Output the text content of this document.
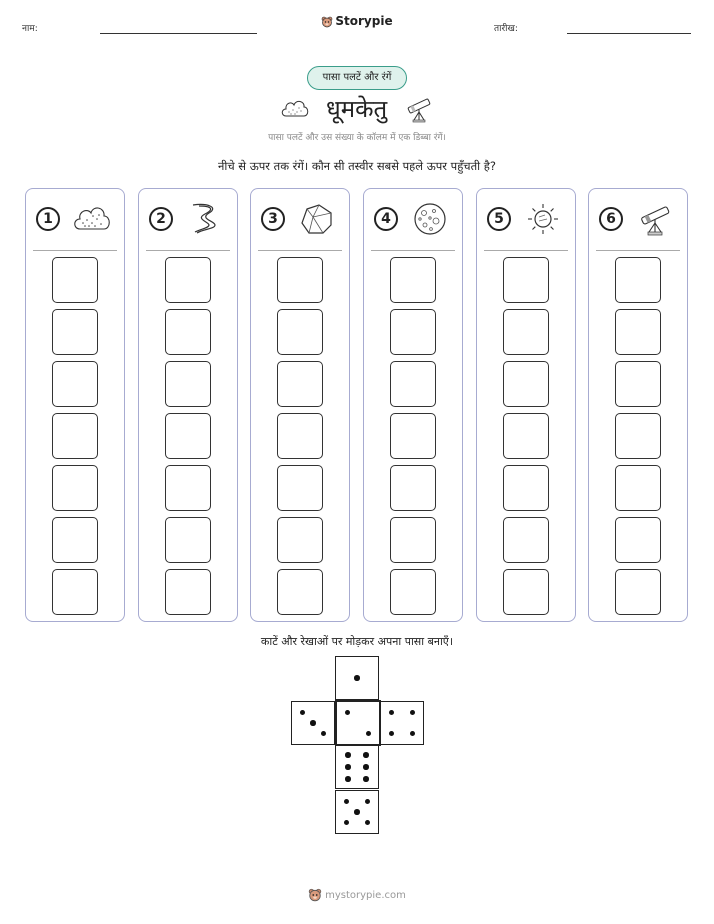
नाम:
Storypie
तारीख:
पासा पलटें और रंगें
धूमकेतु
पासा पलटें और उस संख्या के कॉलम में एक डिब्बा रंगें।
नीचे से ऊपर तक रंगें। कौन सी तस्वीर सबसे पहले ऊपर पहुँचती है?
1	2	3	4	5	6
काटें और रेखाओं पर मोड़कर अपना पासा बनाएँ।
mystorypie.com
